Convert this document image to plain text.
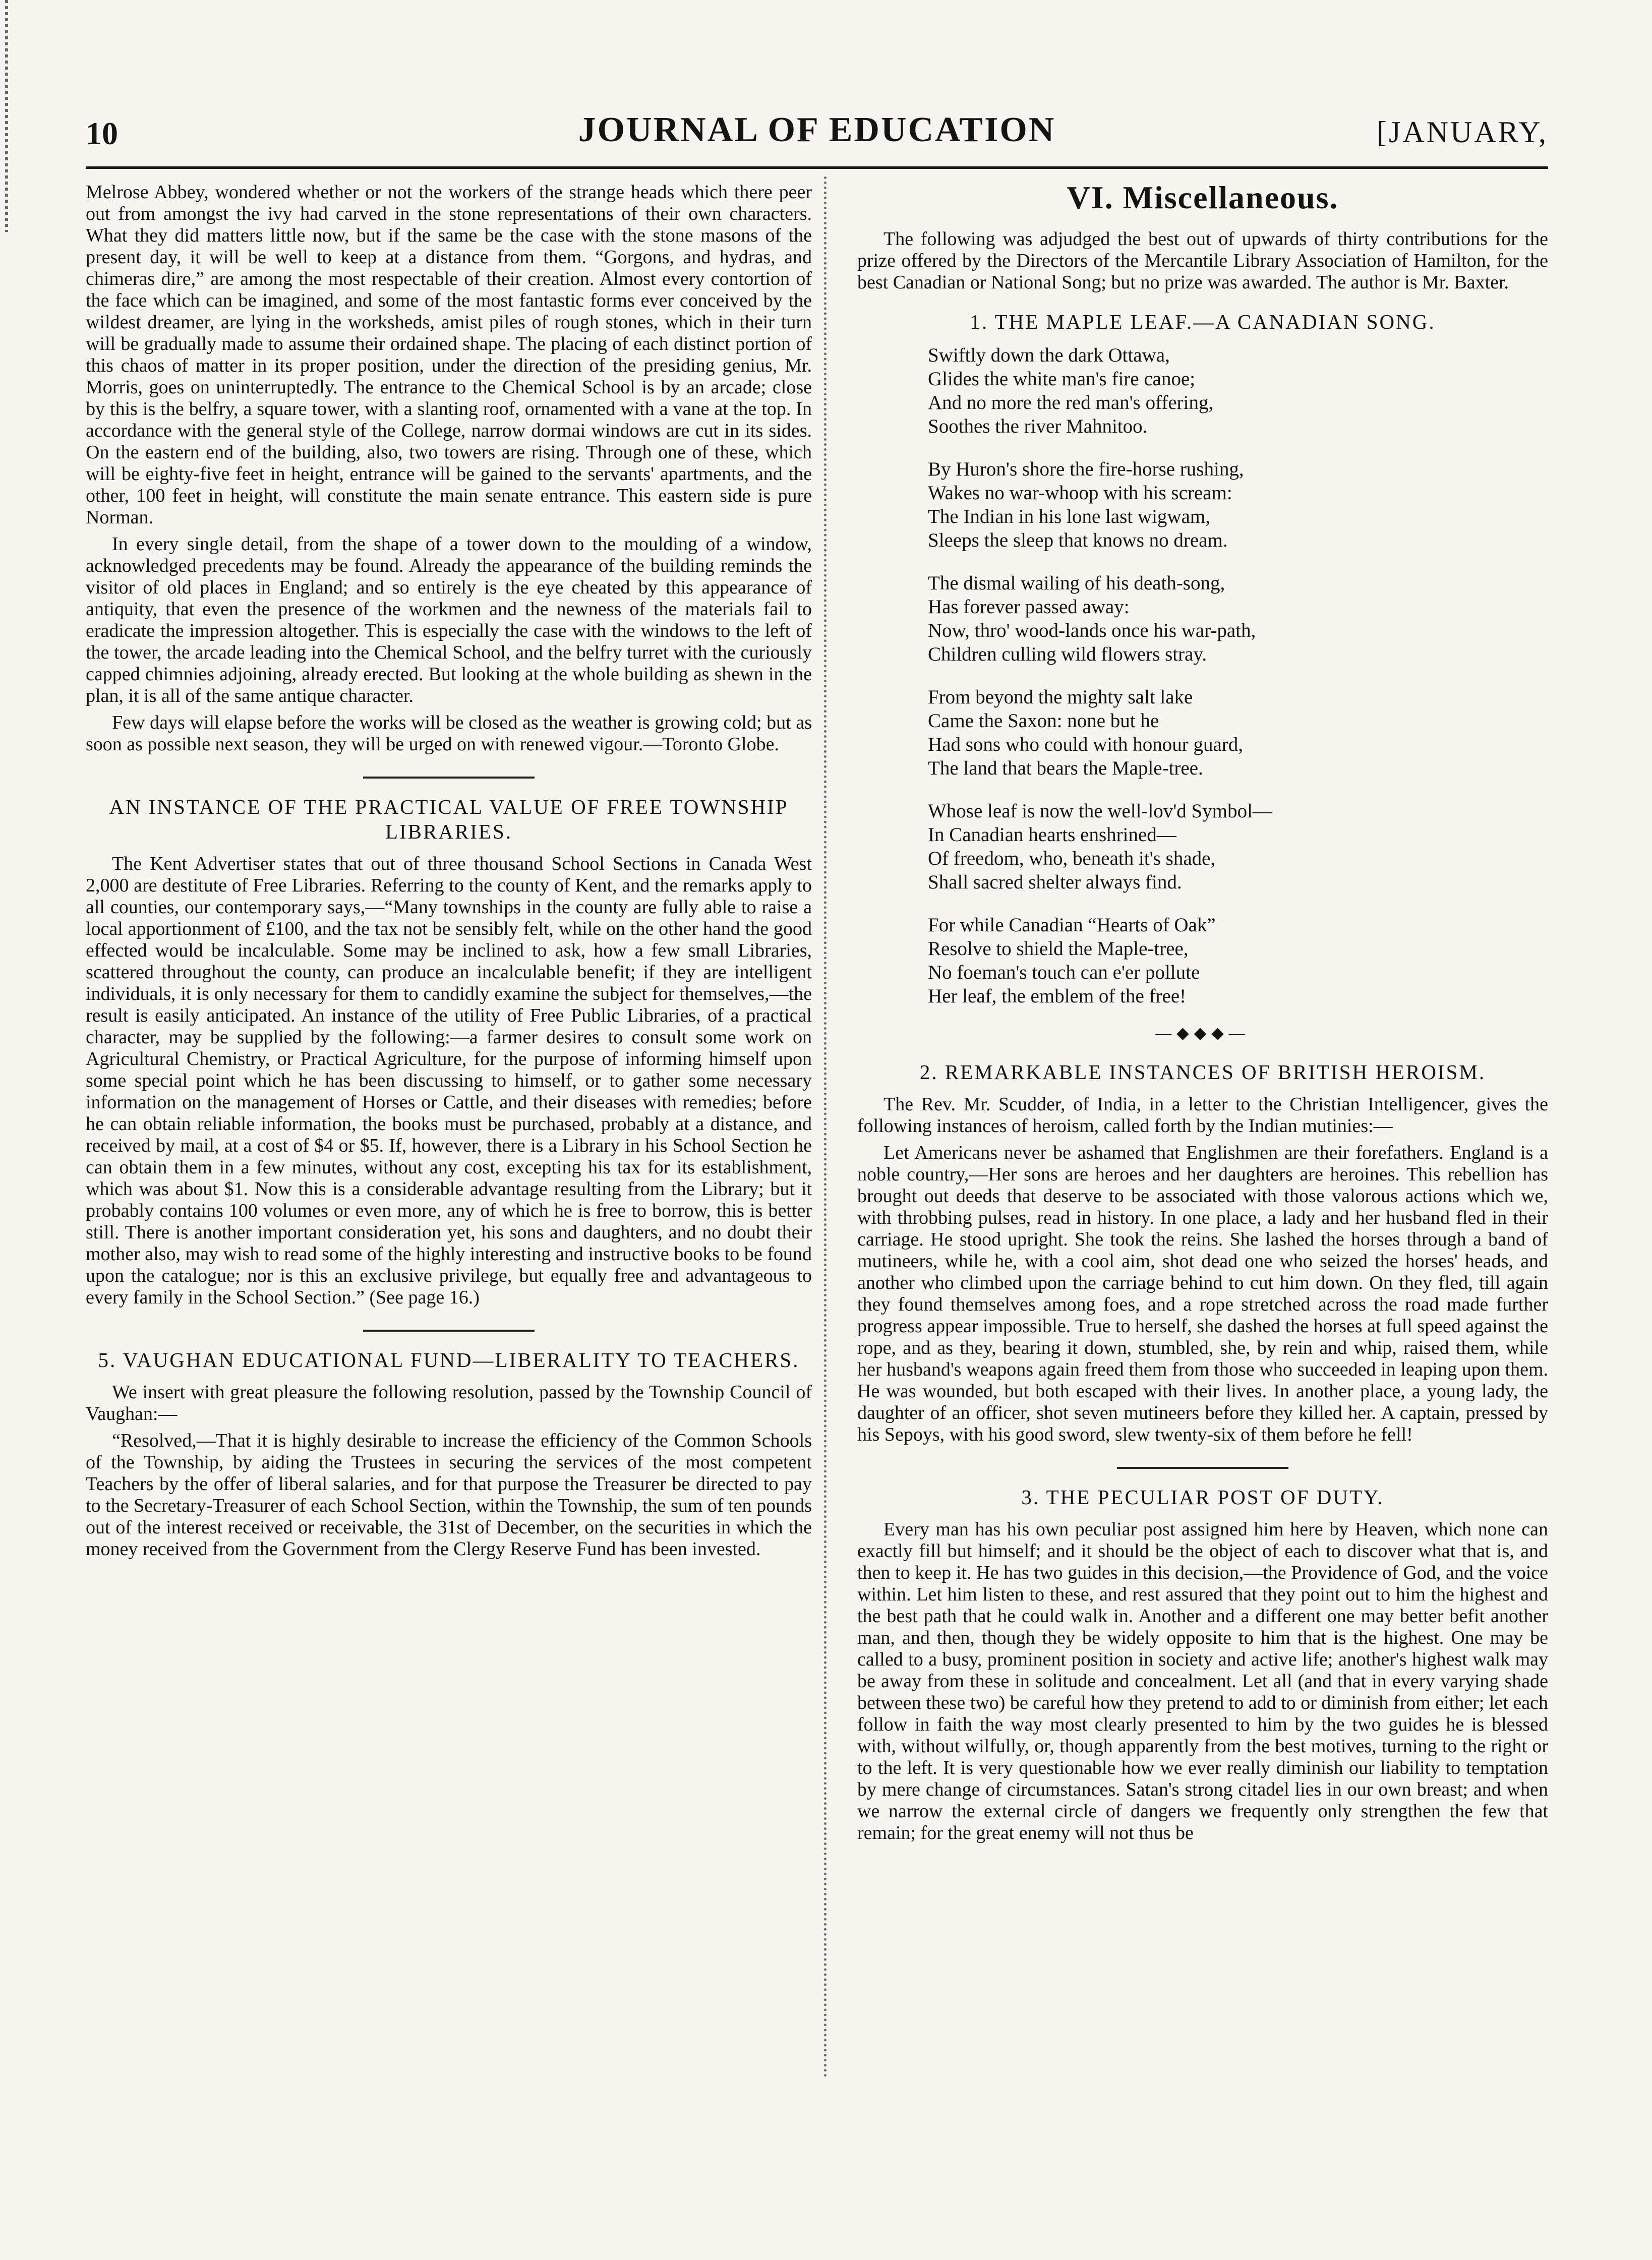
10	JOURNAL OF EDUCATION	[JANUARY,

Melrose Abbey, wondered whether or not the workers of the strange heads which there peer out from amongst the ivy had carved in the stone representations of their own characters. What they did matters little now, but if the same be the case with the stone masons of the present day, it will be well to keep at a distance from them. “Gorgons, and hydras, and chimeras dire,” are among the most respectable of their creation. Almost every contortion of the face which can be imagined, and some of the most fantastic forms ever conceived by the wildest dreamer, are lying in the worksheds, amist piles of rough stones, which in their turn will be gradually made to assume their ordained shape. The placing of each distinct portion of this chaos of matter in its proper position, under the direction of the presiding genius, Mr. Morris, goes on uninterruptedly. The entrance to the Chemical School is by an arcade; close by this is the belfry, a square tower, with a slanting roof, ornamented with a vane at the top. In accordance with the general style of the College, narrow dormai windows are cut in its sides. On the eastern end of the building, also, two towers are rising. Through one of these, which will be eighty-five feet in height, entrance will be gained to the servants' apartments, and the other, 100 feet in height, will constitute the main senate entrance. This eastern side is pure Norman.

In every single detail, from the shape of a tower down to the moulding of a window, acknowledged precedents may be found. Already the appearance of the building reminds the visitor of old places in England; and so entirely is the eye cheated by this appearance of antiquity, that even the presence of the workmen and the newness of the materials fail to eradicate the impression altogether. This is especially the case with the windows to the left of the tower, the arcade leading into the Chemical School, and the belfry turret with the curiously capped chimnies adjoining, already erected. But looking at the whole building as shewn in the plan, it is all of the same antique character.

Few days will elapse before the works will be closed as the weather is growing cold; but as soon as possible next season, they will be urged on with renewed vigour.—Toronto Globe.

AN INSTANCE OF THE PRACTICAL VALUE OF FREE TOWNSHIP LIBRARIES.

The Kent Advertiser states that out of three thousand School Sections in Canada West 2,000 are destitute of Free Libraries. Referring to the county of Kent, and the remarks apply to all counties, our contemporary says,—“Many townships in the county are fully able to raise a local apportionment of £100, and the tax not be sensibly felt, while on the other hand the good effected would be incalculable. Some may be inclined to ask, how a few small Libraries, scattered throughout the county, can produce an incalculable benefit; if they are intelligent individuals, it is only necessary for them to candidly examine the subject for themselves,—the result is easily anticipated. An instance of the utility of Free Public Libraries, of a practical character, may be supplied by the following:—a farmer desires to consult some work on Agricultural Chemistry, or Practical Agriculture, for the purpose of informing himself upon some special point which he has been discussing to himself, or to gather some necessary information on the management of Horses or Cattle, and their diseases with remedies; before he can obtain reliable information, the books must be purchased, probably at a distance, and received by mail, at a cost of $4 or $5. If, however, there is a Library in his School Section he can obtain them in a few minutes, without any cost, excepting his tax for its establishment, which was about $1. Now this is a considerable advantage resulting from the Library; but it probably contains 100 volumes or even more, any of which he is free to borrow, this is better still. There is another important consideration yet, his sons and daughters, and no doubt their mother also, may wish to read some of the highly interesting and instructive books to be found upon the catalogue; nor is this an exclusive privilege, but equally free and advantageous to every family in the School Section.” (See page 16.)

5. VAUGHAN EDUCATIONAL FUND—LIBERALITY TO TEACHERS.

We insert with great pleasure the following resolution, passed by the Township Council of Vaughan:—

“Resolved,—That it is highly desirable to increase the efficiency of the Common Schools of the Township, by aiding the Trustees in securing the services of the most competent Teachers by the offer of liberal salaries, and for that purpose the Treasurer be directed to pay to the Secretary-Treasurer of each School Section, within the Township, the sum of ten pounds out of the interest received or receivable, the 31st of December, on the securities in which the money received from the Government from the Clergy Reserve Fund has been invested.

VI. Miscellaneous.

The following was adjudged the best out of upwards of thirty contributions for the prize offered by the Directors of the Mercantile Library Association of Hamilton, for the best Canadian or National Song; but no prize was awarded. The author is Mr. Baxter.

1. THE MAPLE LEAF.—A CANADIAN SONG.
Swiftly down the dark Ottawa,
Glides the white man's fire canoe;
And no more the red man's offering,
Soothes the river Mahnitoo.
By Huron's shore the fire-horse rushing,
Wakes no war-whoop with his scream:
The Indian in his lone last wigwam,
Sleeps the sleep that knows no dream.
The dismal wailing of his death-song,
Has forever passed away:
Now, thro' wood-lands once his war-path,
Children culling wild flowers stray.
From beyond the mighty salt lake
Came the Saxon: none but he
Had sons who could with honour guard,
The land that bears the Maple-tree.
Whose leaf is now the well-lov'd Symbol—
In Canadian hearts enshrined—
Of freedom, who, beneath it's shade,
Shall sacred shelter always find.
For while Canadian “Hearts of Oak”
Resolve to shield the Maple-tree,
No foeman's touch can e'er pollute
Her leaf, the emblem of the free!
—◆◆◆—
2. REMARKABLE INSTANCES OF BRITISH HEROISM.

The Rev. Mr. Scudder, of India, in a letter to the Christian Intelligencer, gives the following instances of heroism, called forth by the Indian mutinies:—

Let Americans never be ashamed that Englishmen are their forefathers. England is a noble country,—Her sons are heroes and her daughters are heroines. This rebellion has brought out deeds that deserve to be associated with those valorous actions which we, with throbbing pulses, read in history. In one place, a lady and her husband fled in their carriage. He stood upright. She took the reins. She lashed the horses through a band of mutineers, while he, with a cool aim, shot dead one who seized the horses' heads, and another who climbed upon the carriage behind to cut him down. On they fled, till again they found themselves among foes, and a rope stretched across the road made further progress appear impossible. True to herself, she dashed the horses at full speed against the rope, and as they, bearing it down, stumbled, she, by rein and whip, raised them, while her husband's weapons again freed them from those who succeeded in leaping upon them. He was wounded, but both escaped with their lives. In another place, a young lady, the daughter of an officer, shot seven mutineers before they killed her. A captain, pressed by his Sepoys, with his good sword, slew twenty-six of them before he fell!

3. THE PECULIAR POST OF DUTY.

Every man has his own peculiar post assigned him here by Heaven, which none can exactly fill but himself; and it should be the object of each to discover what that is, and then to keep it. He has two guides in this decision,—the Providence of God, and the voice within. Let him listen to these, and rest assured that they point out to him the highest and the best path that he could walk in. Another and a different one may better befit another man, and then, though they be widely opposite to him that is the highest. One may be called to a busy, prominent position in society and active life; another's highest walk may be away from these in solitude and concealment. Let all (and that in every varying shade between these two) be careful how they pretend to add to or diminish from either; let each follow in faith the way most clearly presented to him by the two guides he is blessed with, without wilfully, or, though apparently from the best motives, turning to the right or to the left. It is very questionable how we ever really diminish our liability to temptation by mere change of circumstances. Satan's strong citadel lies in our own breast; and when we narrow the external circle of dangers we frequently only strengthen the few that remain; for the great enemy will not thus be
